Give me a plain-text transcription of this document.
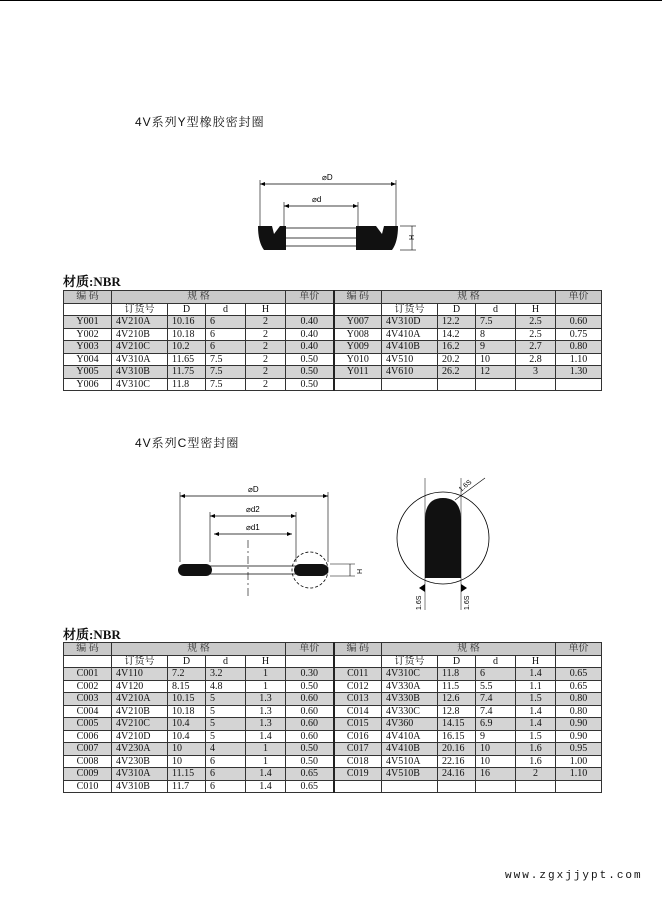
4V系列Y型橡胶密封圈
⌀D
⌀d
H
材质:NBR
编 码	规 格				单价	编 码	规 格				单价
	订货号	D	d	H			订货号	D	d	H	
Y001	4V210A	10.16	6	2	0.40	Y007	4V310D	12.2	7.5	2.5	0.60
Y002	4V210B	10.18	6	2	0.40	Y008	4V410A	14.2	8	2.5	0.75
Y003	4V210C	10.2	6	2	0.40	Y009	4V410B	16.2	9	2.7	0.80
Y004	4V310A	11.65	7.5	2	0.50	Y010	4V510	20.2	10	2.8	1.10
Y005	4V310B	11.75	7.5	2	0.50	Y011	4V610	26.2	12	3	1.30
Y006	4V310C	11.8	7.5	2	0.50						
4V系列C型密封圈
⌀D
⌀d2
⌀d1
H
1.6S
1.6S	1.6S
材质:NBR
编 码	规 格				单价	编 码	规 格				单价
	订货号	D	d	H			订货号	D	d	H	
C001	4V110	7.2	3.2	1	0.30	C011	4V310C	11.8	6	1.4	0.65
C002	4V120	8.15	4.8	1	0.50	C012	4V330A	11.5	5.5	1.1	0.65
C003	4V210A	10.15	5	1.3	0.60	C013	4V330B	12.6	7.4	1.5	0.80
C004	4V210B	10.18	5	1.3	0.60	C014	4V330C	12.8	7.4	1.4	0.80
C005	4V210C	10.4	5	1.3	0.60	C015	4V360	14.15	6.9	1.4	0.90
C006	4V210D	10.4	5	1.4	0.60	C016	4V410A	16.15	9	1.5	0.90
C007	4V230A	10	4	1	0.50	C017	4V410B	20.16	10	1.6	0.95
C008	4V230B	10	6	1	0.50	C018	4V510A	22.16	10	1.6	1.00
C009	4V310A	11.15	6	1.4	0.65	C019	4V510B	24.16	16	2	1.10
C010	4V310B	11.7	6	1.4	0.65						
www.zgxjjypt.com
